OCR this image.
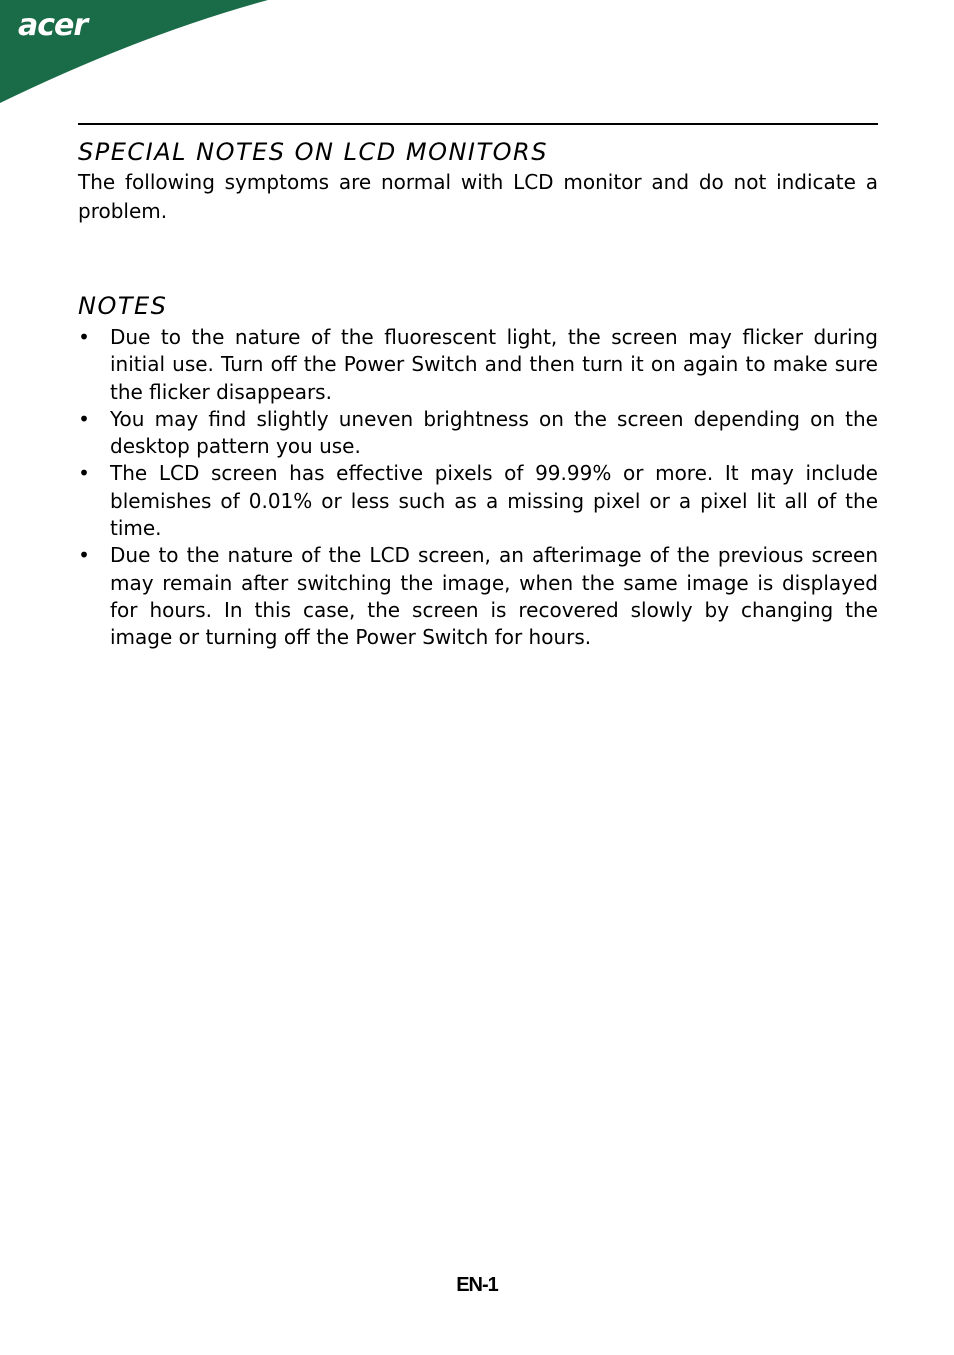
acer
SPECIAL NOTES ON LCD MONITORS

The following symptoms are normal with LCD monitor and do not indicate a problem.

NOTES
• Due to the nature of the fluorescent light, the screen may flicker during initial use. Turn off the Power Switch and then turn it on again to make sure the flicker disappears.
• You may find slightly uneven brightness on the screen depending on the desktop pattern you use.
• The LCD screen has effective pixels of 99.99% or more. It may include blemishes of 0.01% or less such as a missing pixel or a pixel lit all of the time.
• Due to the nature of the LCD screen, an afterimage of the previous screen may remain after switching the image, when the same image is displayed for hours. In this case, the screen is recovered slowly by changing the image or turning off the Power Switch for hours.
EN-1
